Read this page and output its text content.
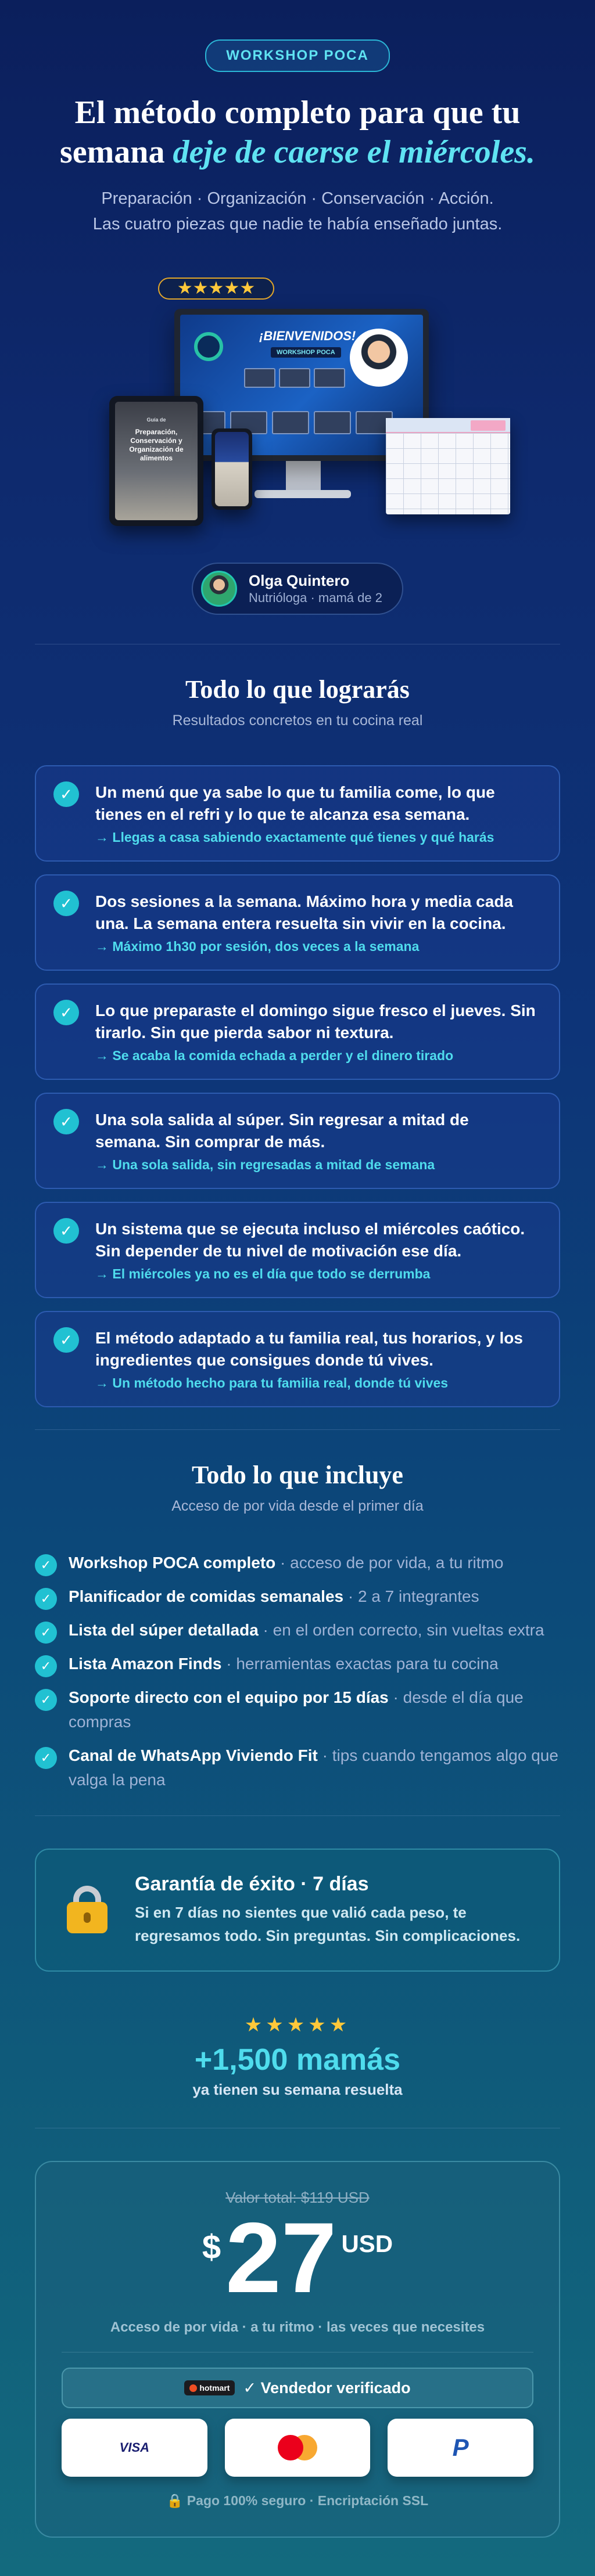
WORKSHOP POCA
El método completo para que tu semana deje de caerse el miércoles.

Preparación · Organización · Conservación · Acción.
Las cuatro piezas que nadie te había enseñado juntas.

★★★★★
¡BIENVENIDOS!
WORKSHOP POCA
Guía de
Preparación, Conservación y Organización de alimentos
Olga Quintero
Nutrióloga · mamá de 2
Todo lo que lograrás

Resultados concretos en tu cocina real

✓	Un menú que ya sabe lo que tu familia come, lo que tienes en el refri y lo que te alcanza esa semana.
→ Llegas a casa sabiendo exactamente qué tienes y qué harás
✓	Dos sesiones a la semana. Máximo hora y media cada una. La semana entera resuelta sin vivir en la cocina.
→ Máximo 1h30 por sesión, dos veces a la semana
✓	Lo que preparaste el domingo sigue fresco el jueves. Sin tirarlo. Sin que pierda sabor ni textura.
→ Se acaba la comida echada a perder y el dinero tirado
✓	Una sola salida al súper. Sin regresar a mitad de semana. Sin comprar de más.
→ Una sola salida, sin regresadas a mitad de semana
✓	Un sistema que se ejecuta incluso el miércoles caótico. Sin depender de tu nivel de motivación ese día.
→ El miércoles ya no es el día que todo se derrumba
✓	El método adaptado a tu familia real, tus horarios, y los ingredientes que consigues donde tú vives.
→ Un método hecho para tu familia real, donde tú vives
Todo lo que incluye

Acceso de por vida desde el primer día

✓	Workshop POCA completo · acceso de por vida, a tu ritmo
✓	Planificador de comidas semanales · 2 a 7 integrantes
✓	Lista del súper detallada · en el orden correcto, sin vueltas extra
✓	Lista Amazon Finds · herramientas exactas para tu cocina
✓	Soporte directo con el equipo por 15 días · desde el día que compras
✓	Canal de WhatsApp Viviendo Fit · tips cuando tengamos algo que valga la pena
Garantía de éxito · 7 días
Si en 7 días no sientes que valió cada peso, te regresamos todo. Sin preguntas. Sin complicaciones.
★★★★★
+1,500 mamás
ya tienen su semana resuelta
Valor total: $119 USD
$ 27 USD
Acceso de por vida · a tu ritmo · las veces que necesites
hotmart ✓ Vendedor verificado
VISA	P
🔒 Pago 100% seguro · Encriptación SSL
